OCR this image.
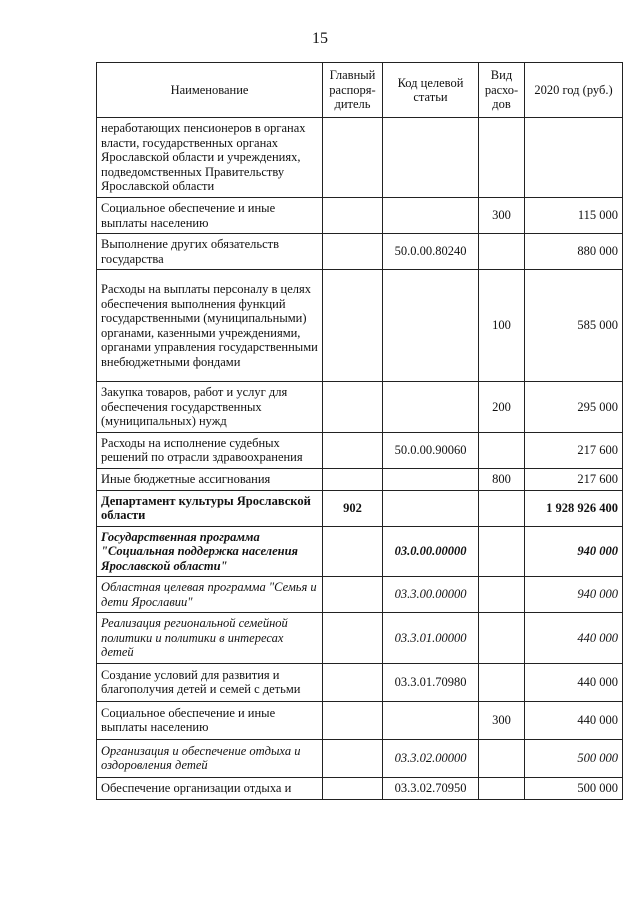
15
Наименование	Главный распоря-дитель	Код целевой статьи	Вид расхо-дов	2020 год (руб.)
неработающих пенсионеров в органах власти, государственных органах Ярославской области и учреждениях, подведомственных Правительству Ярославской области				
Социальное обеспечение и иные выплаты населению			300	115 000
Выполнение других обязательств государства		50.0.00.80240		880 000
Расходы на выплаты персоналу в целях обеспечения выполнения функций государственными (муниципальными) органами, казенными учреждениями, органами управления государственными внебюджетными фондами			100	585 000
Закупка товаров, работ и услуг для обеспечения государственных (муниципальных) нужд			200	295 000
Расходы на исполнение судебных решений по отрасли здравоохранения		50.0.00.90060		217 600
Иные бюджетные ассигнования			800	217 600
Департамент культуры Ярославской области	902			1 928 926 400
Государственная программа "Социальная поддержка населения Ярославской области"		03.0.00.00000		940 000
Областная целевая программа "Семья и дети Ярославии"		03.3.00.00000		940 000
Реализация региональной семейной политики и политики в интересах детей		03.3.01.00000		440 000
Создание условий для развития и благополучия детей и семей с детьми		03.3.01.70980		440 000
Социальное обеспечение и иные выплаты населению			300	440 000
Организация и обеспечение отдыха и оздоровления детей		03.3.02.00000		500 000
Обеспечение организации отдыха и		03.3.02.70950		500 000
